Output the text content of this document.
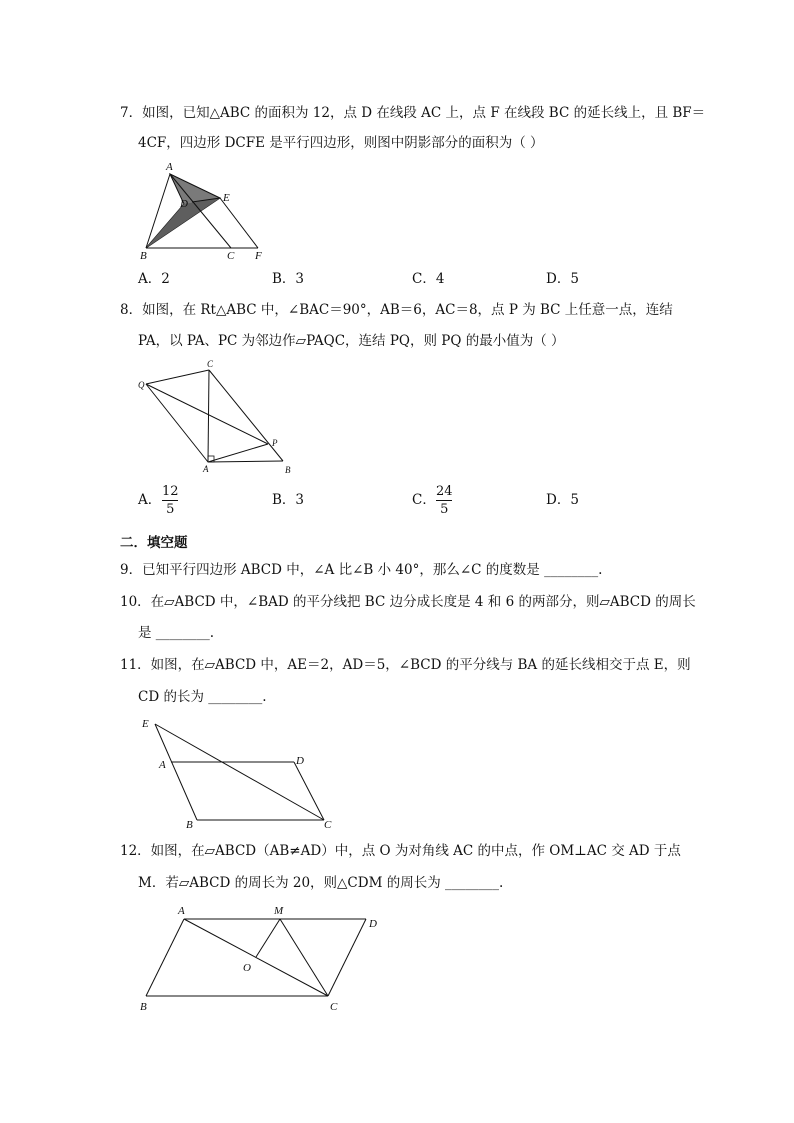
7．如图，已知△ABC 的面积为 12，点 D 在线段 AC 上，点 F 在线段 BC 的延长线上，且 BF＝
4CF，四边形 DCFE 是平行四边形，则图中阴影部分的面积为（ ）
A
D	E
B	C F
A．2	B．3	C．4	D．5
8．如图，在 Rt△ABC 中，∠BAC＝90°，AB＝6，AC＝8，点 P 为 BC 上任意一点，连结
PA，以 PA、PC 为邻边作▱PAQC，连结 PQ，则 PQ 的最小值为（ ）
C
Q
P
A	B
A．
12
5
B．3	C．
24
5
D．5
二．填空题
9．已知平行四边形 ABCD 中，∠A 比∠B 小 40°，那么∠C 的度数是 ________.
10．在▱ABCD 中，∠BAD 的平分线把 BC 边分成长度是 4 和 6 的两部分，则▱ABCD 的周长
是 ________.
11．如图，在▱ABCD 中，AE＝2，AD＝5，∠BCD 的平分线与 BA 的延长线相交于点 E，则
CD 的长为 ________.
E
A	D
B	C
12．如图，在▱ABCD（AB≠AD）中，点 O 为对角线 AC 的中点，作 OM⊥AC 交 AD 于点
M．若▱ABCD 的周长为 20，则△CDM 的周长为 ________.
A	M
D
O
B	C
